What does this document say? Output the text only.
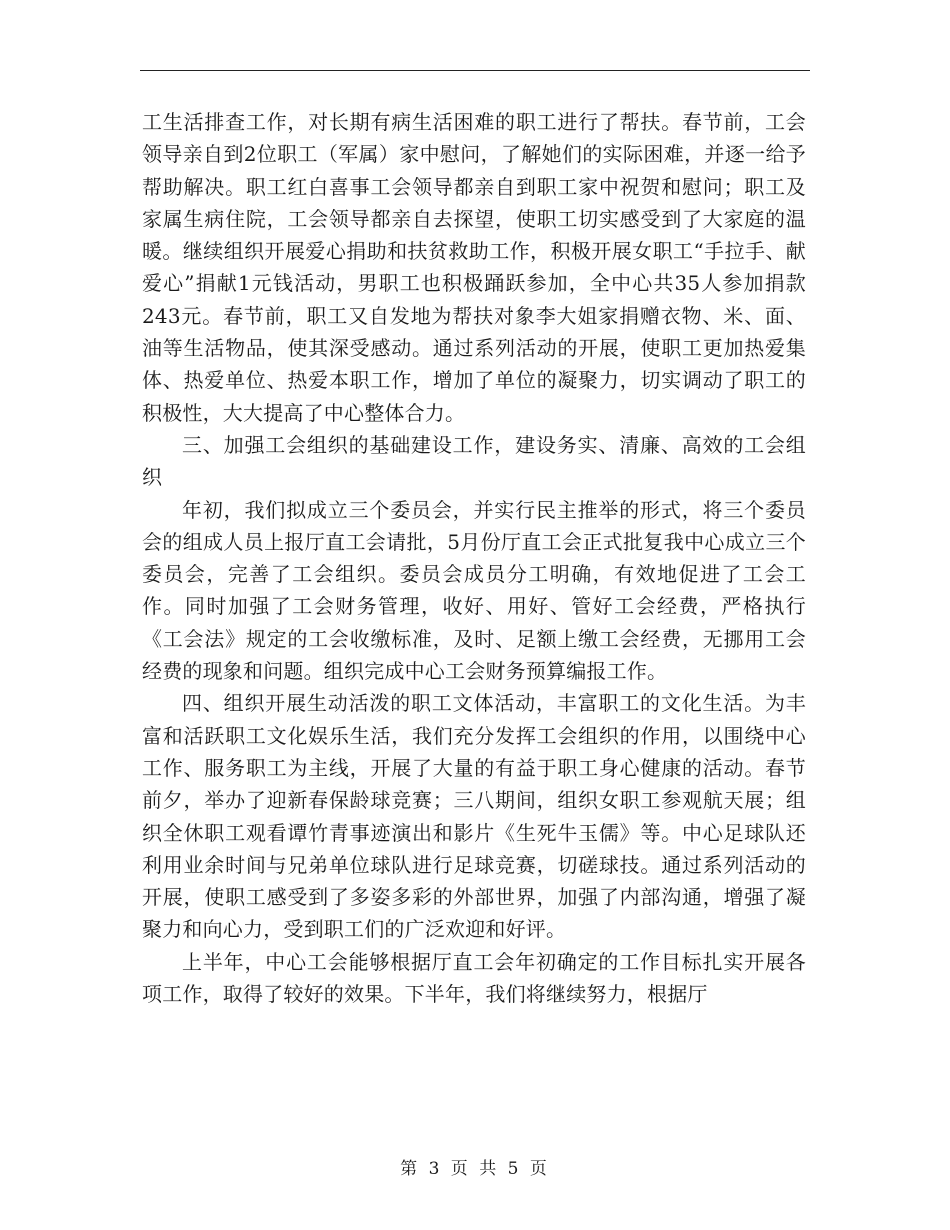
工生活排查工作，对长期有病生活困难的职工进行了帮扶。春节前，工会领导亲自到2位职工（军属）家中慰问，了解她们的实际困难，并逐一给予帮助解决。职工红白喜事工会领导都亲自到职工家中祝贺和慰问；职工及家属生病住院，工会领导都亲自去探望，使职工切实感受到了大家庭的温暖。继续组织开展爱心捐助和扶贫救助工作，积极开展女职工“手拉手、献爱心”捐献1元钱活动，男职工也积极踊跃参加，全中心共35人参加捐款243元。春节前，职工又自发地为帮扶对象李大姐家捐赠衣物、米、面、油等生活物品，使其深受感动。通过系列活动的开展，使职工更加热爱集体、热爱单位、热爱本职工作，增加了单位的凝聚力，切实调动了职工的积极性，大大提高了中心整体合力。

三、加强工会组织的基础建设工作，建设务实、清廉、高效的工会组织

年初，我们拟成立三个委员会，并实行民主推举的形式，将三个委员会的组成人员上报厅直工会请批，5月份厅直工会正式批复我中心成立三个委员会，完善了工会组织。委员会成员分工明确，有效地促进了工会工作。同时加强了工会财务管理，收好、用好、管好工会经费，严格执行《工会法》规定的工会收缴标准，及时、足额上缴工会经费，无挪用工会经费的现象和问题。组织完成中心工会财务预算编报工作。

四、组织开展生动活泼的职工文体活动，丰富职工的文化生活。为丰富和活跃职工文化娱乐生活，我们充分发挥工会组织的作用，以围绕中心工作、服务职工为主线，开展了大量的有益于职工身心健康的活动。春节前夕，举办了迎新春保龄球竞赛；三八期间，组织女职工参观航天展；组织全休职工观看谭竹青事迹演出和影片《生死牛玉儒》等。中心足球队还利用业余时间与兄弟单位球队进行足球竞赛，切磋球技。通过系列活动的开展，使职工感受到了多姿多彩的外部世界，加强了内部沟通，增强了凝聚力和向心力，受到职工们的广泛欢迎和好评。

上半年，中心工会能够根据厅直工会年初确定的工作目标扎实开展各项工作，取得了较好的效果。下半年，我们将继续努力，根据厅

第 3 页 共 5 页
